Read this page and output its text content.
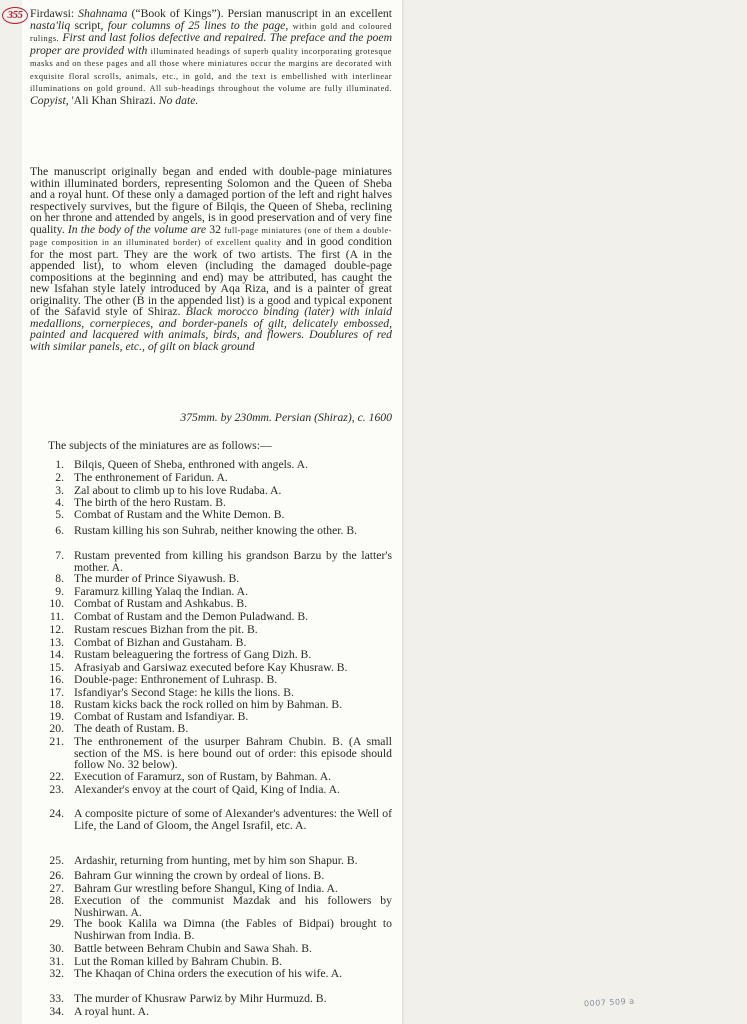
355 Firdawsi: Shahnama (“Book of Kings”). Persian manuscript in an excellent nasta'liq script, four columns of 25 lines to the page, within gold and coloured rulings. First and last folios defective and repaired. The preface and the poem proper are provided with illuminated headings of superb quality incorporating grotesque masks and on these pages and all those where miniatures occur the margins are decorated with exquisite floral scrolls, animals, etc., in gold, and the text is embellished with interlinear illuminations on gold ground. All sub-headings throughout the volume are fully illuminated. Copyist, 'Ali Khan Shirazi. No date.

The manuscript originally began and ended with double-page miniatures within illuminated borders, representing Solomon and the Queen of Sheba and a royal hunt. Of these only a damaged portion of the left and right halves respectively survives, but the figure of Bilqis, the Queen of Sheba, reclining on her throne and attended by angels, is in good preservation and of very fine quality. In the body of the volume are 32 full-page miniatures (one of them a double-page composition in an illuminated border) of excellent quality and in good condition for the most part. They are the work of two artists. The first (A in the appended list), to whom eleven (including the damaged double-page compositions at the beginning and end) may be attributed, has caught the new Isfahan style lately introduced by Aqa Riza, and is a painter of great originality. The other (B in the appended list) is a good and typical exponent of the Safavid style of Shiraz. Black morocco binding (later) with inlaid medallions, cornerpieces, and border-panels of gilt, delicately embossed, painted and lacquered with animals, birds, and flowers. Doublures of red with similar panels, etc., of gilt on black ground

375mm. by 230mm. Persian (Shiraz), c. 1600
The subjects of the miniatures are as follows:—
1. Bilqis, Queen of Sheba, enthroned with angels. A.
2. The enthronement of Faridun. A.
3. Zal about to climb up to his love Rudaba. A.
4. The birth of the hero Rustam. B.
5. Combat of Rustam and the White Demon. B.
6. Rustam killing his son Suhrab, neither knowing the other. B.
7. Rustam prevented from killing his grandson Barzu by the latter's mother. A.
8. The murder of Prince Siyawush. B.
9. Faramurz killing Yalaq the Indian. A.
10. Combat of Rustam and Ashkabus. B.
11. Combat of Rustam and the Demon Puladwand. B.
12. Rustam rescues Bizhan from the pit. B.
13. Combat of Bizhan and Gustaham. B.
14. Rustam beleaguering the fortress of Gang Dizh. B.
15. Afrasiyab and Garsiwaz executed before Kay Khusraw. B.
16. Double-page: Enthronement of Luhrasp. B.
17. Isfandiyar's Second Stage: he kills the lions. B.
18. Rustam kicks back the rock rolled on him by Bahman. B.
19. Combat of Rustam and Isfandiyar. B.
20. The death of Rustam. B.
21. The enthronement of the usurper Bahram Chubin. B. (A small section of the MS. is here bound out of order: this episode should follow No. 32 below).
22. Execution of Faramurz, son of Rustam, by Bahman. A.
23. Alexander's envoy at the court of Qaid, King of India. A.
24. A composite picture of some of Alexander's adventures: the Well of Life, the Land of Gloom, the Angel Israfil, etc. A.
25. Ardashir, returning from hunting, met by him son Shapur. B.
26. Bahram Gur winning the crown by ordeal of lions. B.
27. Bahram Gur wrestling before Shangul, King of India. A.
28. Execution of the communist Mazdak and his followers by Nushirwan. A.
29. The book Kalila wa Dimna (the Fables of Bidpai) brought to Nushirwan from India. B.
30. Battle between Behram Chubin and Sawa Shah. B.
31. Lut the Roman killed by Bahram Chubin. B.
32. The Khaqan of China orders the execution of his wife. A.
33. The murder of Khusraw Parwiz by Mihr Hurmuzd. B.
34. A royal hunt. A.
0007 509 a
